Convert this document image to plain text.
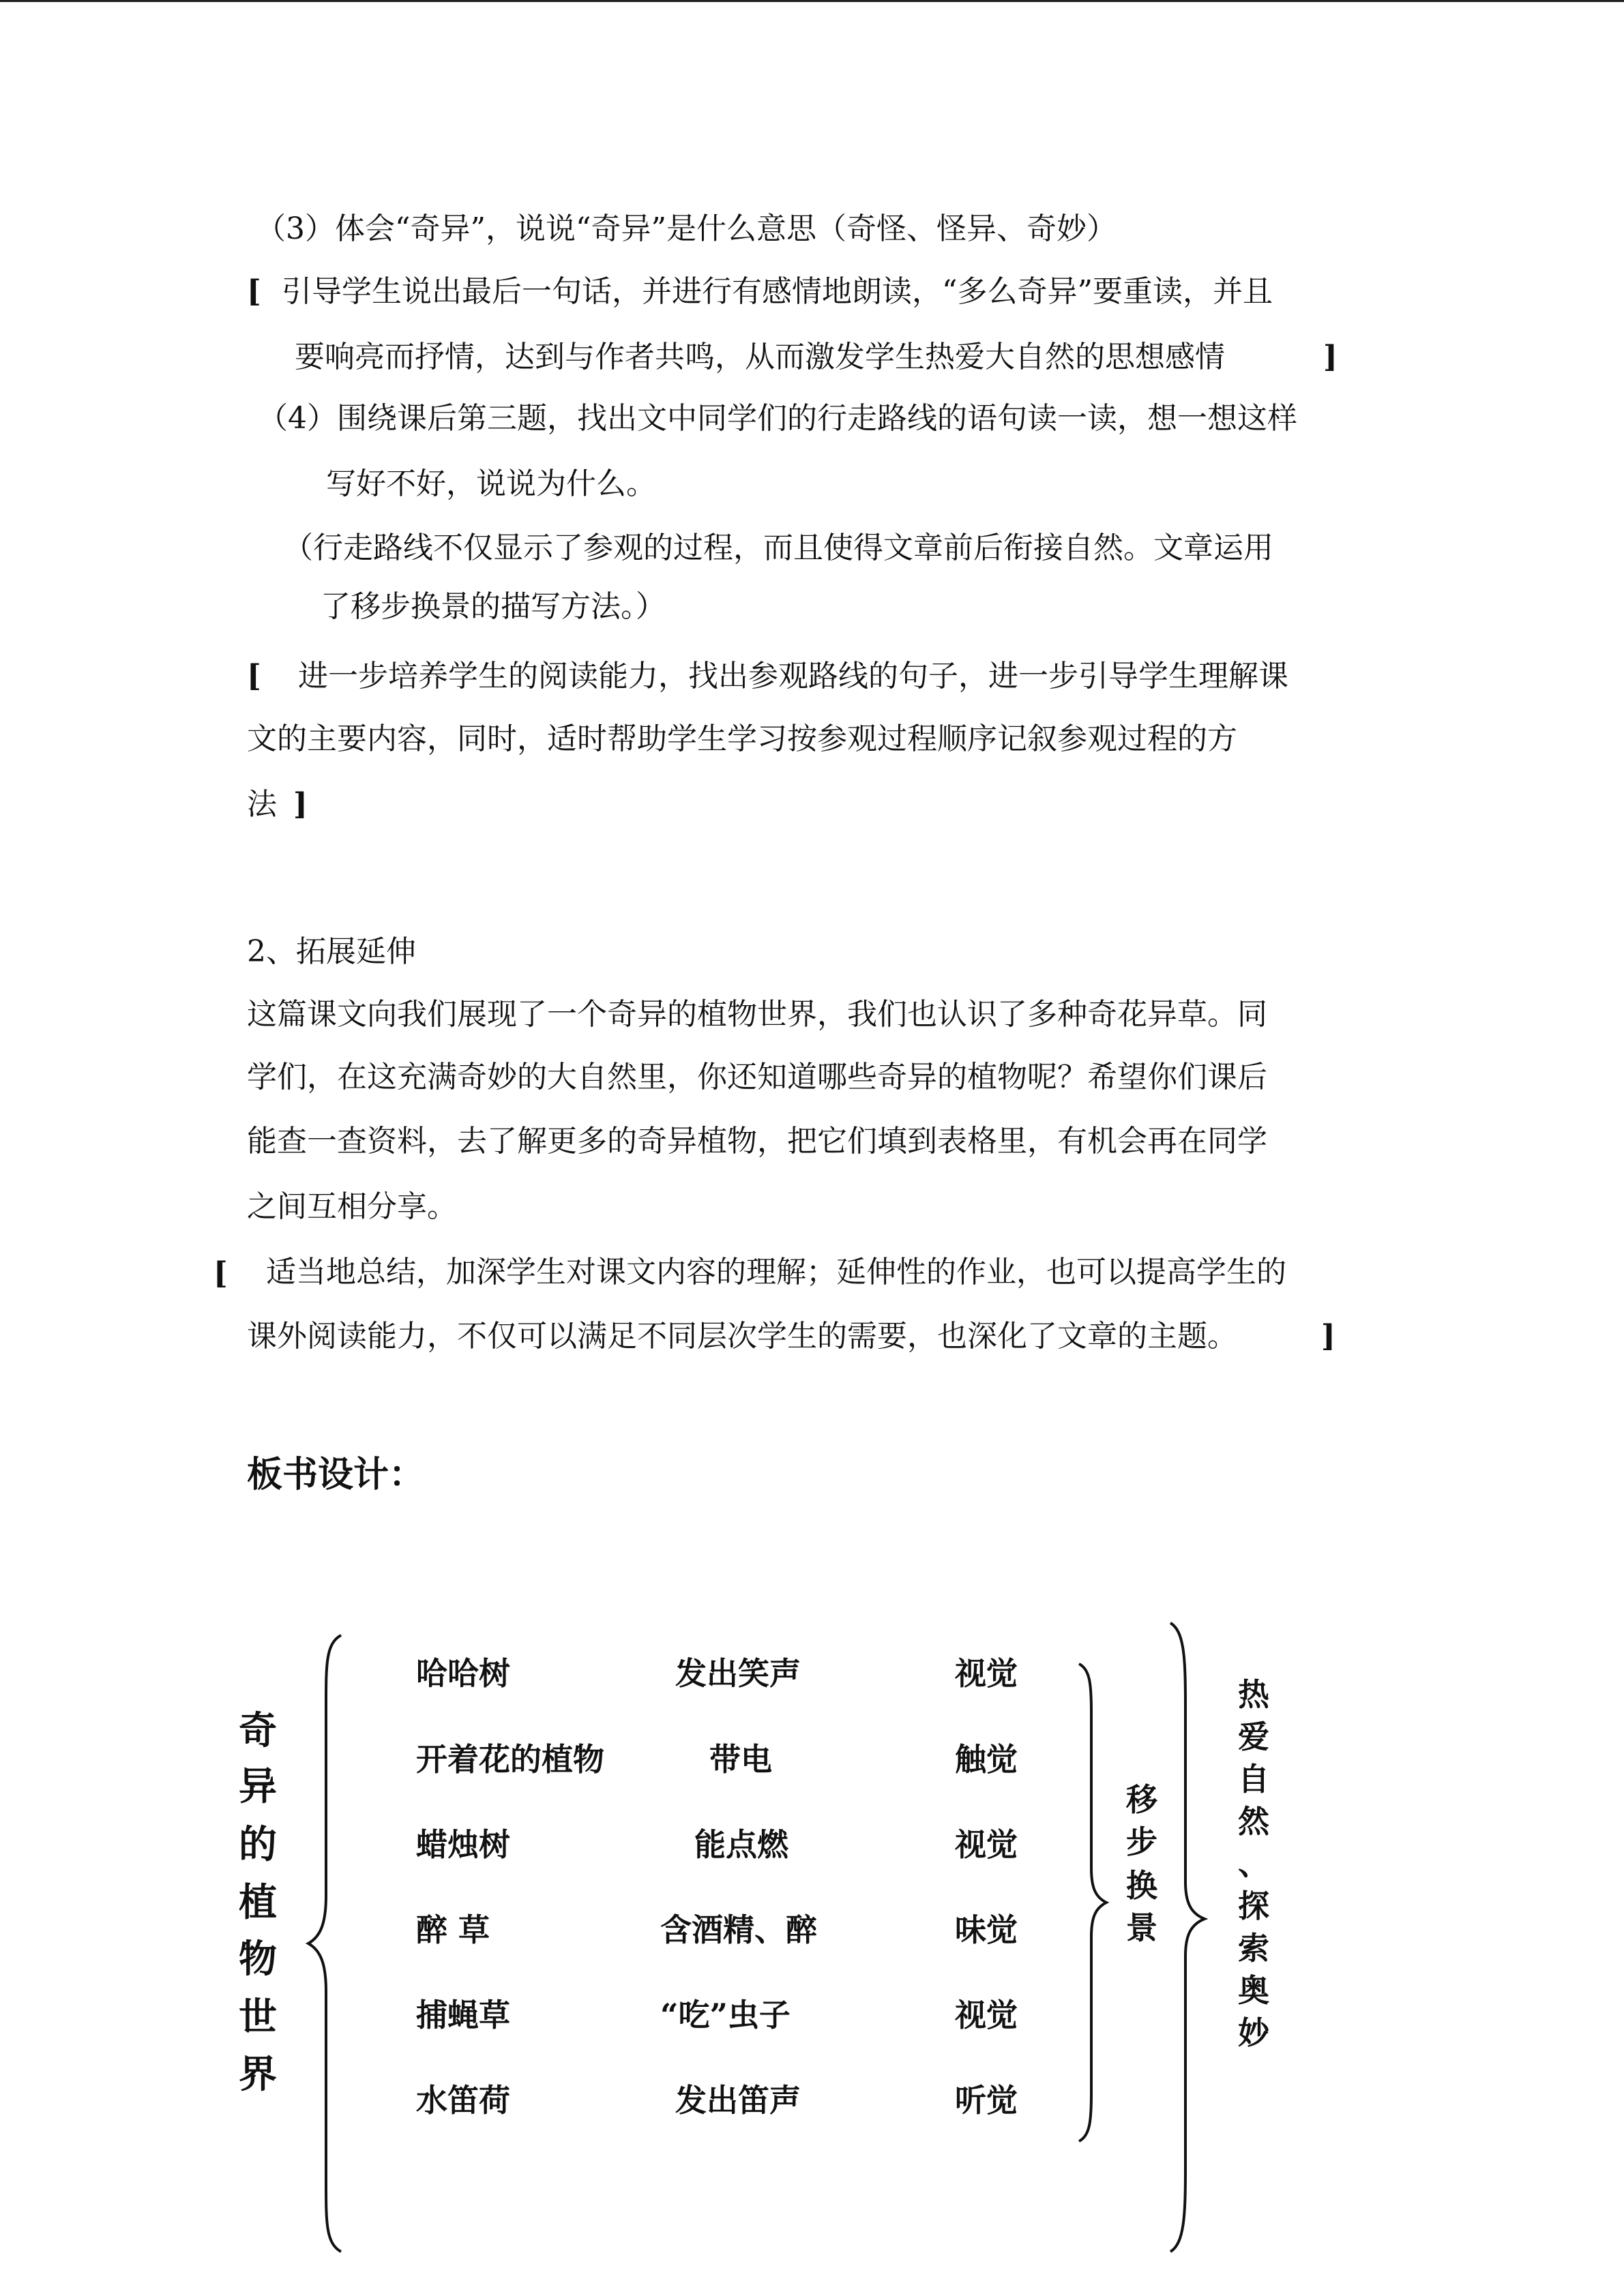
（3）体会“奇异”，说说“奇异”是什么意思（奇怪、怪异、奇妙）
[ 引导学生说出最后一句话，并进行有感情地朗读，“多么奇异”要重读，并且
要响亮而抒情，达到与作者共鸣，从而激发学生热爱大自然的思想感情	]
（4）围绕课后第三题，找出文中同学们的行走路线的语句读一读，想一想这样
写好不好，说说为什么。
（行走路线不仅显示了参观的过程，而且使得文章前后衔接自然。文章运用
了移步换景的描写方法。）
[ 进一步培养学生的阅读能力，找出参观路线的句子，进一步引导学生理解课
文的主要内容，同时，适时帮助学生学习按参观过程顺序记叙参观过程的方
法 ]
2、拓展延伸
这篇课文向我们展现了一个奇异的植物世界，我们也认识了多种奇花异草。同
学们，在这充满奇妙的大自然里，你还知道哪些奇异的植物呢？希望你们课后
能查一查资料，去了解更多的奇异植物，把它们填到表格里，有机会再在同学
之间互相分享。
[ 适当地总结，加深学生对课文内容的理解；延伸性的作业，也可以提高学生的
课外阅读能力，不仅可以满足不同层次学生的需要，也深化了文章的主题。	]
板书设计：
奇
异
的
植
物
世
界
哈哈树	发出笑声	视觉
开着花的植物	带电	触觉
蜡烛树	能点燃	视觉
醉 草	含酒精、醉	味觉
捕蝇草	“吃”虫子	视觉
水笛荷	发出笛声	听觉
移
步
换
景
热
爱
自
然
、
探
索
奥
妙
